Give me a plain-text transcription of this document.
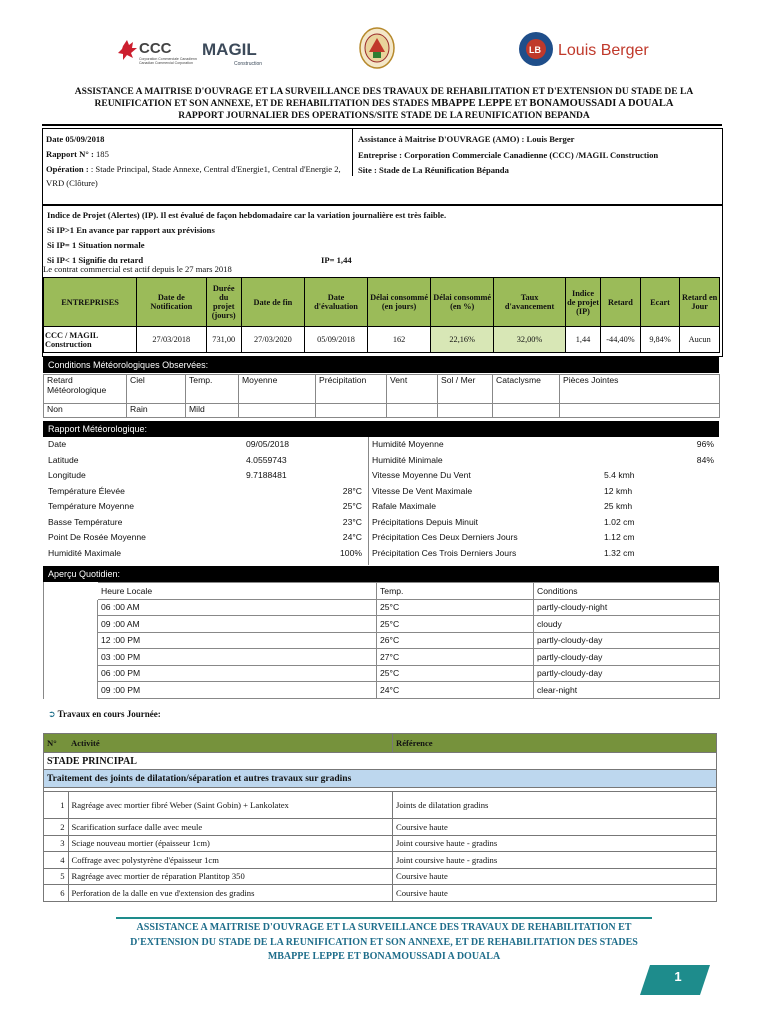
CCC
Corporation Commerciale Canadienne
Canadian Commercial Corporation
MAGIL
Construction
LB Louis Berger
ASSISTANCE A MAITRISE D'OUVRAGE ET LA SURVEILLANCE DES TRAVAUX DE REHABILITATION ET D'EXTENSION DU STADE DE LA
REUNIFICATION ET SON ANNEXE, ET DE REHABILITATION DES STADES MBAPPE LEPPE ET BONAMOUSSADI A DOUALA
RAPPORT JOURNALIER DES OPERATIONS/SITE STADE DE LA REUNIFICATION BEPANDA
Date 05/09/2018
Rapport N° : 185
Opération : : Stade Principal, Stade Annexe, Central d'Energie1, Central d'Energie 2, VRD (Clôture)
Assistance à Maitrise D'OUVRAGE (AMO) : Louis Berger
Entreprise : Corporation Commerciale Canadienne (CCC) /MAGIL Construction
Site : Stade de La Réunification Bépanda
Indice de Projet (Alertes) (IP). Il est évalué de façon hebdomadaire car la variation journalière est très faible.
Si IP>1 En avance par rapport aux prévisions
Si IP= 1 Situation normale
Si IP< 1 Signifie du retard	IP= 1,44
Le contrat commercial est actif depuis le 27 mars 2018
ENTREPRISES	Date de Notification	Durée du projet (jours)	Date de fin	Date d'évaluation	Délai consommé (en jours)	Délai consommé (en %)	Taux d'avancement	Indice de projet (IP)	Retard	Ecart	Retard en Jour
CCC / MAGIL Construction	27/03/2018	731,00	27/03/2020	05/09/2018	162	22,16%	32,00%	1,44	-44,40%	9,84%	Aucun
Conditions Météorologiques Observées:
Retard Météorologique	Ciel	Temp.	Moyenne	Précipitation	Vent	Sol / Mer	Cataclysme	Pièces Jointes
Non	Rain	Mild						
Rapport Météorologique:
Date	09/05/2018
Latitude	4.0559743
Longitude	9.7188481
Température Élevée	28°C
Température Moyenne	25°C
Basse Température	23°C
Point De Rosée Moyenne	24°C
Humidité Maximale	100%
Humidité Moyenne	96%
Humidité Minimale	84%
Vitesse Moyenne Du Vent	5.4 kmh
Vitesse De Vent Maximale	12 kmh
Rafale Maximale	25 kmh
Précipitations Depuis Minuit	1.02 cm
Précipitation Ces Deux Derniers Jours	1.12 cm
Précipitation Ces Trois Derniers Jours	1.32 cm
Aperçu Quotidien:
	Heure Locale	Temp.	Conditions
	06 :00 AM	25°C	partly-cloudy-night
	09 :00 AM	25°C	cloudy
	12 :00 PM	26°C	partly-cloudy-day
	03 :00 PM	27°C	partly-cloudy-day
	06 :00 PM	25°C	partly-cloudy-day
	09 :00 PM	24°C	clear-night
➲ Travaux en cours Journée:
N°	Activité	Référence
STADE PRINCIPAL		
Traitement des joints de dilatation/séparation et autres travaux sur gradins		

1	Ragréage avec mortier fibré Weber (Saint Gobin) + Lankolatex	Joints de dilatation gradins
2	Scarification surface dalle avec meule	Coursive haute
3	Sciage nouveau mortier (épaisseur 1cm)	Joint coursive haute - gradins
4	Coffrage avec polystyrène d'épaisseur 1cm	Joint coursive haute - gradins
5	Ragréage avec mortier de réparation Plantitop 350	Coursive haute
6	Perforation de la dalle en vue d'extension des gradins	Coursive haute
ASSISTANCE A MAITRISE D'OUVRAGE ET LA SURVEILLANCE DES TRAVAUX DE REHABILITATION ET
D'EXTENSION DU STADE DE LA REUNIFICATION ET SON ANNEXE, ET DE REHABILITATION DES STADES
MBAPPE LEPPE ET BONAMOUSSADI A DOUALA
1
